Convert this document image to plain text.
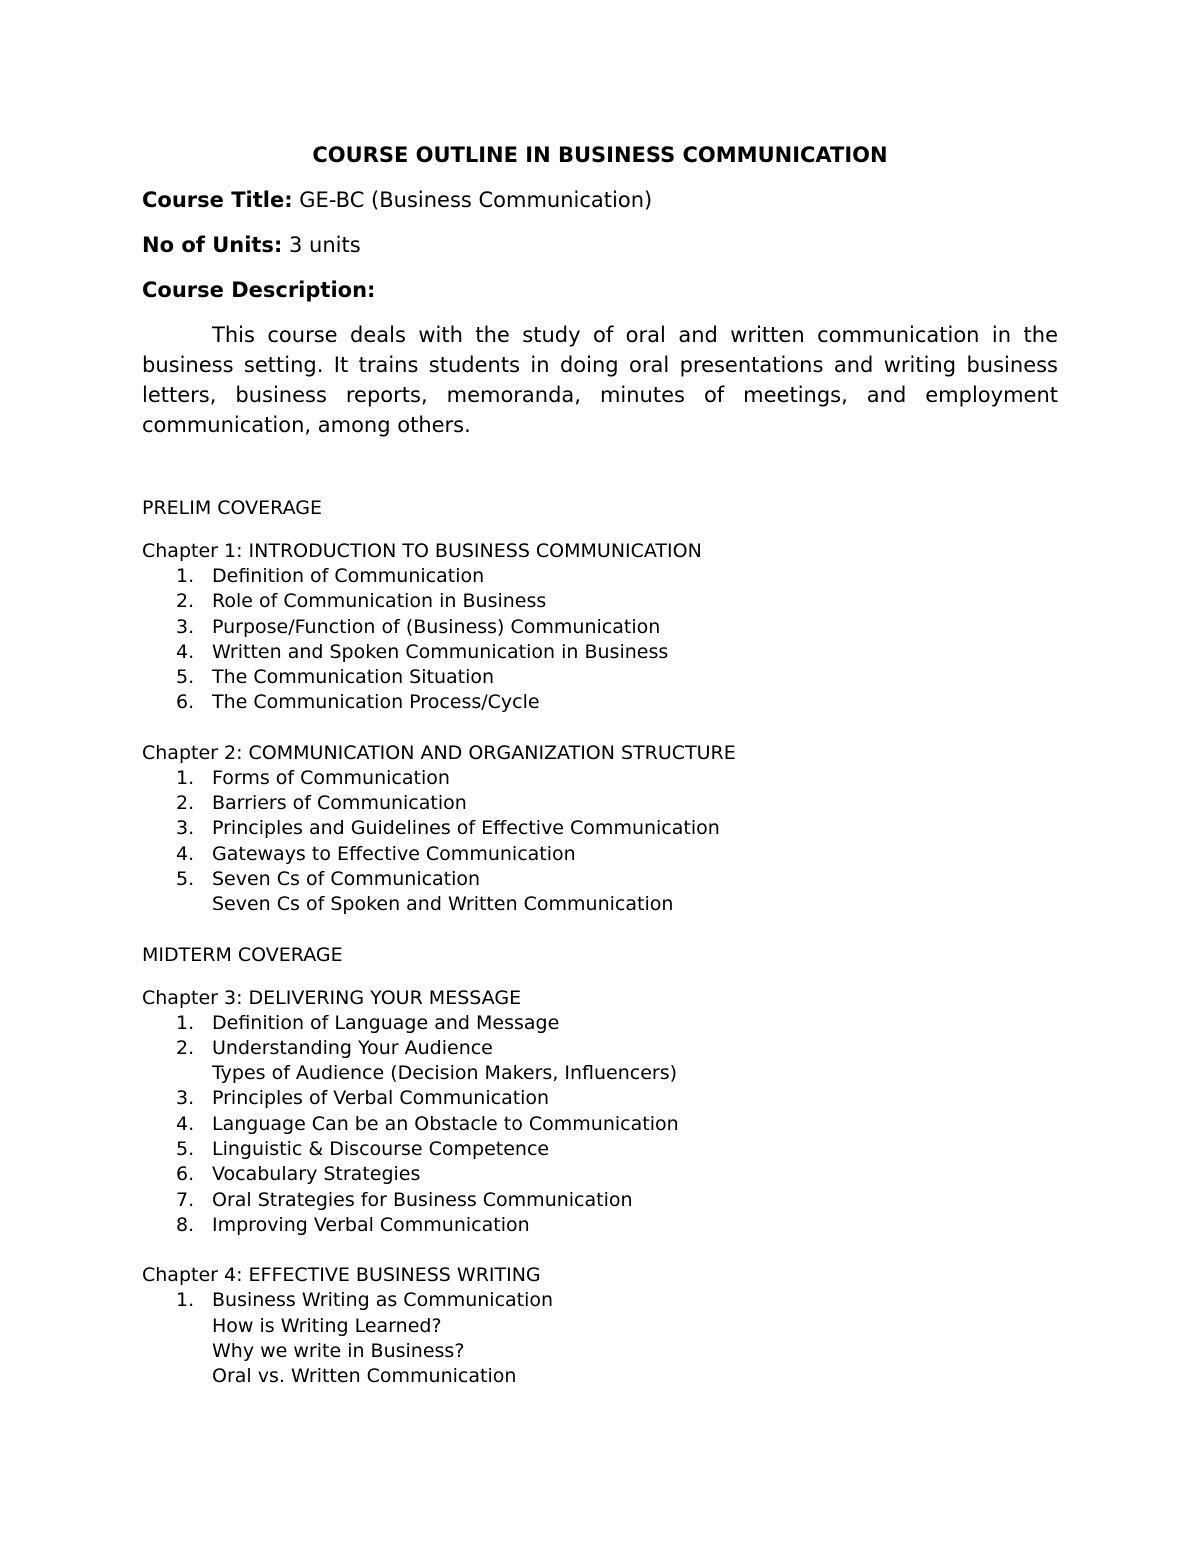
COURSE OUTLINE IN BUSINESS COMMUNICATION
Course Title: GE-BC (Business Communication)
No of Units: 3 units
Course Description:
This course deals with the study of oral and written communication in the business setting. It trains students in doing oral presentations and writing business letters, business reports, memoranda, minutes of meetings, and employment communication, among others.
PRELIM COVERAGE
Chapter 1: INTRODUCTION TO BUSINESS COMMUNICATION
1. Definition of Communication
2. Role of Communication in Business
3. Purpose/Function of (Business) Communication
4. Written and Spoken Communication in Business
5. The Communication Situation
6. The Communication Process/Cycle
Chapter 2: COMMUNICATION AND ORGANIZATION STRUCTURE
1. Forms of Communication
2. Barriers of Communication
3. Principles and Guidelines of Effective Communication
4. Gateways to Effective Communication
5. Seven Cs of Communication
Seven Cs of Spoken and Written Communication
MIDTERM COVERAGE
Chapter 3: DELIVERING YOUR MESSAGE
1. Definition of Language and Message
2. Understanding Your Audience
Types of Audience (Decision Makers, Influencers)
3. Principles of Verbal Communication
4. Language Can be an Obstacle to Communication
5. Linguistic & Discourse Competence
6. Vocabulary Strategies
7. Oral Strategies for Business Communication
8. Improving Verbal Communication
Chapter 4: EFFECTIVE BUSINESS WRITING
1. Business Writing as Communication
How is Writing Learned?
Why we write in Business?
Oral vs. Written Communication
